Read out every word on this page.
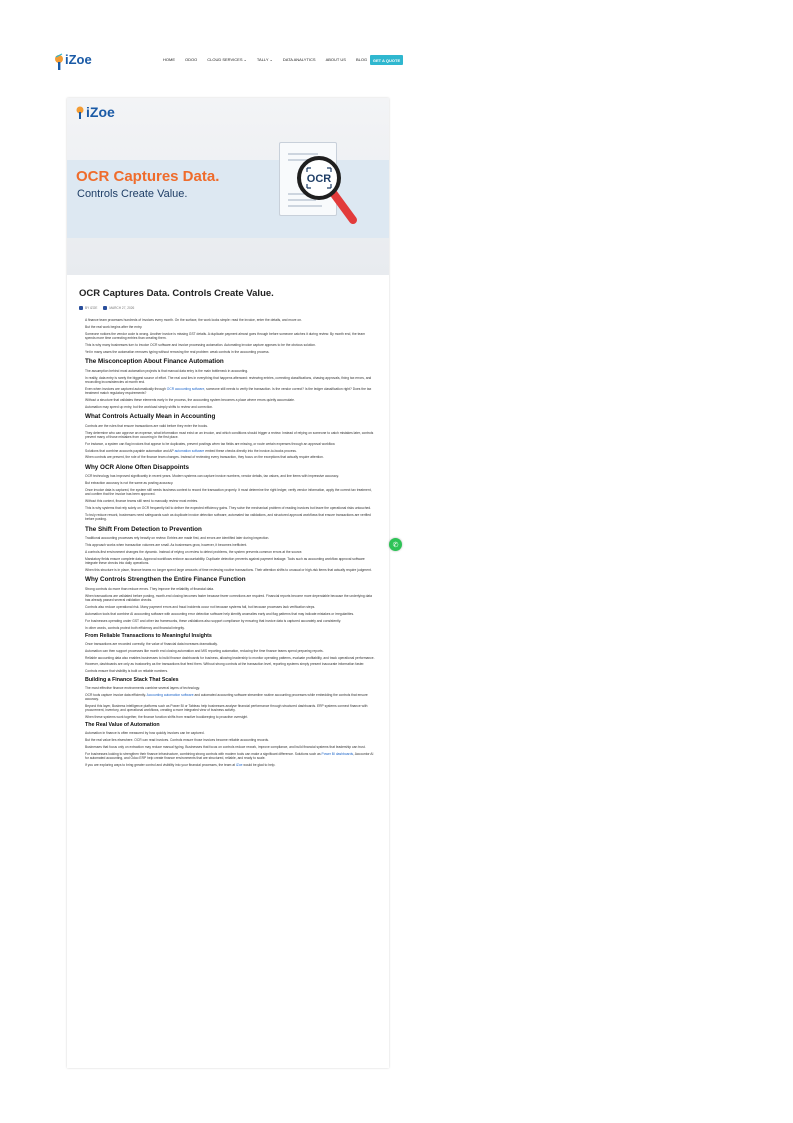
iZoe	HOME	ODOO	CLOUD SERVICES⌄	TALLY⌄	DATA ANALYTICS	ABOUT US	BLOG	GET A QUOTE
iZoe
OCR Captures Data.
Controls Create Value.
OCR
OCR Captures Data. Controls Create Value.
BY iZOE	MARCH 27, 2026
A finance team processes hundreds of invoices every month. On the surface, the work looks simple: read the invoice, enter the details, and move on.
But the real work begins after the entry.
Someone notices the vendor code is wrong. Another invoice is missing GST details. A duplicate payment almost goes through before someone catches it during review. By month end, the team spends more time correcting entries than creating them.
This is why many businesses turn to invoice OCR software and invoice processing automation. Automating invoice capture appears to be the obvious solution.
Yet in many cases the automation removes typing without removing the real problem: weak controls in the accounting process.
The Misconception About Finance Automation
The assumption behind most automation projects is that manual data entry is the main bottleneck in accounting.
In reality, data entry is rarely the biggest source of effort. The real cost lies in everything that happens afterward: reviewing entries, correcting classifications, chasing approvals, fixing tax errors, and reconciling inconsistencies at month end.
Even when invoices are captured automatically through OCR accounting software, someone still needs to verify the transaction. Is the vendor correct? Is the ledger classification right? Does the tax treatment match regulatory requirements?
Without a structure that validates these elements early in the process, the accounting system becomes a place where errors quietly accumulate.
Automation may speed up entry, but the workload simply shifts to review and correction.
What Controls Actually Mean in Accounting
Controls are the rules that ensure transactions are valid before they enter the books.
They determine who can approve an expense, what information must exist on an invoice, and which conditions should trigger a review. Instead of relying on someone to catch mistakes later, controls prevent many of those mistakes from occurring in the first place.
For instance, a system can flag invoices that appear to be duplicates, prevent postings when tax fields are missing, or route certain expenses through an approval workflow.
Solutions that combine accounts payable automation and AP automation software embed these checks directly into the invoice-to-books process.
When controls are present, the role of the finance team changes. Instead of reviewing every transaction, they focus on the exceptions that actually require attention.
Why OCR Alone Often Disappoints
OCR technology has improved significantly in recent years. Modern systems can capture invoice numbers, vendor details, tax values, and line items with impressive accuracy.
But extraction accuracy is not the same as posting accuracy.
Once invoice data is captured, the system still needs business context to record the transaction properly. It must determine the right ledger, verify vendor information, apply the correct tax treatment, and confirm that the invoice has been approved.
Without this context, finance teams still need to manually review most entries.
This is why systems that rely solely on OCR frequently fail to deliver the expected efficiency gains. They solve the mechanical problem of reading invoices but leave the operational risks untouched.
To truly reduce rework, businesses need safeguards such as duplicate invoice detection software, automated tax validations, and structured approval workflows that ensure transactions are verified before posting.
The Shift From Detection to Prevention
Traditional accounting processes rely heavily on review. Entries are made first, and errors are identified later during inspection.
This approach works when transaction volumes are small. As businesses grow, however, it becomes inefficient.
A controls-first environment changes the dynamic. Instead of relying on review to detect problems, the system prevents common errors at the source.
Mandatory fields ensure complete data. Approval workflows enforce accountability. Duplicate detection prevents against payment leakage. Tools such as accounting workflow approval software integrate these checks into daily operations.
When this structure is in place, finance teams no longer spend large amounts of time reviewing routine transactions. Their attention shifts to unusual or high-risk items that actually require judgment.
Why Controls Strengthen the Entire Finance Function
Strong controls do more than reduce errors. They improve the reliability of financial data.
When transactions are validated before posting, month-end closing becomes faster because fewer corrections are required. Financial reports become more dependable because the underlying data has already passed several validation checks.
Controls also reduce operational risk. Many payment errors and fraud incidents occur not because systems fail, but because processes lack verification steps.
Automation tools that combine AI accounting software with accounting error detection software help identify anomalies early and flag patterns that may indicate mistakes or irregularities.
For businesses operating under GST and other tax frameworks, these validations also support compliance by ensuring that invoice data is captured accurately and consistently.
In other words, controls protect both efficiency and financial integrity.
From Reliable Transactions to Meaningful Insights
Once transactions are recorded correctly, the value of financial data increases dramatically.
Automation can then support processes like month end closing automation and MIS reporting automation, reducing the time finance teams spend preparing reports.
Reliable accounting data also enables businesses to build finance dashboards for business, allowing leadership to monitor operating patterns, evaluate profitability, and track operational performance.
However, dashboards are only as trustworthy as the transactions that feed them. Without strong controls at the transaction level, reporting systems simply present inaccurate information faster.
Controls ensure that visibility is built on reliable numbers.
Building a Finance Stack That Scales
The most effective finance environments combine several layers of technology.
OCR tools capture invoice data efficiently. Accounting automation software and automated accounting software streamline routine accounting processes while embedding the controls that ensure accuracy.
Beyond this layer, Business intelligence platforms such as Power BI or Tableau help businesses analyse financial performance through structured dashboards. ERP systems connect finance with procurement, inventory, and operational workflows, creating a more integrated view of business activity.
When these systems work together, the finance function shifts from reactive bookkeeping to proactive oversight.
The Real Value of Automation
Automation in finance is often measured by how quickly invoices can be captured.
But the real value lies elsewhere. OCR can read invoices. Controls ensure those invoices become reliable accounting records.
Businesses that focus only on extraction may reduce manual typing. Businesses that focus on controls reduce rework, improve compliance, and build financial systems that leadership can trust.
For businesses looking to strengthen their finance infrastructure, combining strong controls with modern tools can make a significant difference. Solutions such as Power BI dashboards, Accountor AI for automated accounting, and Odoo ERP help create finance environments that are structured, reliable, and ready to scale.
If you are exploring ways to bring greater control and visibility into your financial processes, the team at iZoe would be glad to help.
✆
